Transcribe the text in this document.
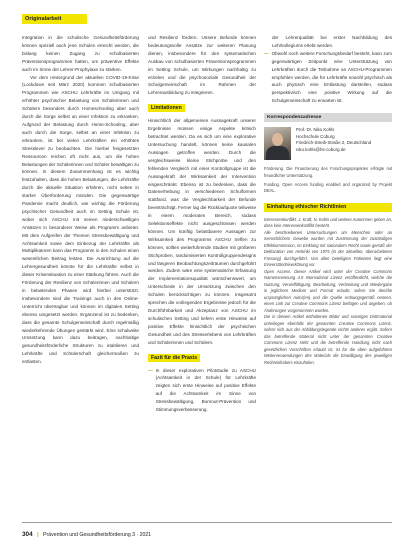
Originalarbeit

Integration in die schulische Gesundheitsförderung können speziell auch jene Schulen erreicht werden, die bislang keinen Zugang zu schulbasierten Präventionsprogrammen hatten, um präventive Effekte auch im Sinne der Lehrer-Prophylaxe zu stärken.

Vor dem Hintergrund der aktuellen COVID-19-Krise (Lockdown seit März 2020) kommen schulbasierten Programmen wie ASCHU Lehrkräfte im Umgang mit erhöhter psychischer Belastung von Schülerinnen und Schülern besonders durch Homeschooling aber auch durch die Sorge selbst an einer Infektion zu erkranken. Aufgrund der Belastung durch Home-Schooling, aber auch durch die Sorge, selbst an einer Infektion zu erkranken, ist bei vielen Lehrkräften ein erhöhtes Stresslevel zu beobachten. Die hierbei freigesetzten Ressourcen reichen oft nicht aus, um die hohen Belastungen der Schülerinnen und Schüler bewältigen zu können. In diesem Zusammenhang ist es wichtig festzuhalten, dass die hohen Belastungen, die Lehrkräfte durch die aktuelle Situation erfahren, nicht selten in starker Überforderung münden. Die gegenwärtige Pandemie macht deutlich, wie wichtig die Förderung psychischer Gesundheit auch im Setting Schule ist, wobei sich ASCHU mit seinen niederschwelligen Ansätzen in besonderer Weise als Programm anbietet. Mit dem Aufgreifen der Themen Stressbewältigung und Achtsamkeit sowie dem Einbezug der Lehrkräfte als Multiplikatoren kann das Programm in den Schulen einen wesentlichen Beitrag leisten. Die Ausrichtung auf die Lehrergesundheit könnte für die Lehrkräfte selbst in dieser Krisensituation zu einer Stärkung führen. Auch die Förderung der Resilienz von Schülerinnen und Schülern in belastenden Phasen wird hierbei unterstützt. Insbesondere sind die Trainings auch in den Online-Unterricht übertragbar und können im digitalen Setting ebenso umgesetzt werden. Ergänzend ist zu bedenken, dass die gesamte Schulgemeinschaft durch regelmäßig wiederkehrende Übungen gestärkt wird. Eine schulweite Umsetzung kann dazu beitragen, nachhaltige gesundheitsförderliche Strukturen zu etablieren und Lehrkräfte und Schülerschaft gleichermaßen zu entlasten.

und Resilienz fördern. Unsere Befunde können bedeutungsvolle Ansätze zur weiteren Planung dienen, insbesondere für den systematischen Ausbau von schulbasierten Präventionsprogrammen im Setting Schule, um Wirkungen nachhaltig zu erzielen und die psychosoziale Gesundheit der Schulgemeinschaft im Rahmen der Lehrerausbildung zu integrieren.

Limitationen

Hinsichtlich der allgemeinen Aussagekraft unserer Ergebnisse müssen einige Aspekte kritisch betrachtet werden. Da es sich um eine explorative Untersuchung handelt, können keine kausalen Aussagen getroffen werden. Durch die vergleichsweise kleine Stichprobe und den fehlenden Vergleich mit einer Kontrollgruppe ist die Aussagekraft der Wirksamkeit der Intervention eingeschränkt. Ebenso ist zu bedenken, dass die Datenerhebung in verschiedenen Schulformen stattfand, was die Vergleichbarkeit der Befunde beeinträchtigt. Ferner lag die Rücklaufquote teilweise in einem moderaten Bereich, sodass Selektionseffekte nicht ausgeschlossen werden können. Um künftig belastbarere Aussagen zur Wirksamkeit des Programms ASCHU treffen zu können, sollten weiterführende Studien mit größeren Stichproben, randomisierten Kontrollgruppendesigns und längeren Beobachtungszeiträumen durchgeführt werden. Zudem wäre eine systematische Erfassung der Implementationsqualität wünschenswert, um Unterschiede in der Umsetzung zwischen den Schulen berücksichtigen zu können. Insgesamt sprechen die vorliegenden Ergebnisse jedoch für die Durchführbarkeit und Akzeptanz von ASCHU im schulischen Setting und liefern erste Hinweise auf positive Effekte hinsichtlich der psychischen Gesundheit und des Stresserlebens von Lehrkräften und Schülerinnen und Schülern.

Fazit für die Praxis
— In dieser explorativen Pilotstudie zu ASCHU (Achtsamkeit in der Schule) für Lehrkräfte zeigten sich erste Hinweise auf positive Effekte auf die Achtsamkeit im Sinne von Stressbewältigung, Burnout-Prävention und Stimmungsverbesserung.

der Lehrerqualität bei erster Nachbildung des Lehrkollegiums erlebt werden.

— Obwohl noch weitere Forschungsbedarf besteht, kann zum gegenwärtigen Zeitpunkt eine Unterstützung von Lehrkräften durch die Teilnahme an ASCHU-Programmen empfohlen werden, die für Lehrkräfte sowohl psychisch als auch physisch eine Entlastung darstellen, sodass perspektivisch eine positive Wirkung auf die Schulgemeinschaft zu erwarten ist.
Korrespondenzadresse
Prof. Dr. Niko Kohls
Hochschule Coburg
Friedrich-Streib-Straße 2, Deutschland
niko.kohls@hs-coburg.de
Förderung. Die Finanzierung des Forschungsprojektes erfolgte mit freundlicher Unterstützung.
Funding. Open Access funding enabled and organized by Projekt DEAL.
Einhaltung ethischer Richtlinien

Interessenkonflikt. J. Kraft, N. Kohls und weitere Autorinnen geben an, dass kein Interessenkonflikt besteht.

Alle beschriebenen Untersuchungen am Menschen oder an menschlichem Gewebe wurden mit Zustimmung der zuständigen Ethikkommission, im Einklang mit nationalem Recht sowie gemäß der Deklaration von Helsinki von 1975 (in der aktuellen, überarbeiteten Fassung) durchgeführt. Von allen beteiligten Patienten liegt eine Einverständniserklärung vor.

Open Access. Dieser Artikel wird unter der Creative Commons Namensnennung 4.0 International Lizenz veröffentlicht, welche die Nutzung, Vervielfältigung, Bearbeitung, Verbreitung und Wiedergabe in jeglichem Medium und Format erlaubt, sofern Sie den/die ursprünglichen Autor(en) und die Quelle ordnungsgemäß nennen, einen Link zur Creative Commons Lizenz beifügen und angeben, ob Änderungen vorgenommen wurden.

Die in diesem Artikel enthaltenen Bilder und sonstiges Drittmaterial unterliegen ebenfalls der genannten Creative Commons Lizenz, sofern sich aus der Abbildungslegende nichts anderes ergibt. Sofern das betreffende Material nicht unter der genannten Creative Commons Lizenz steht und die betreffende Handlung nicht nach gesetzlichen Vorschriften erlaubt ist, ist für die oben aufgeführten Weiterverwendungen des Materials die Einwilligung des jeweiligen Rechteinhabers einzuholen.

304 | Prävention und Gesundheitsförderung 3 · 2021
